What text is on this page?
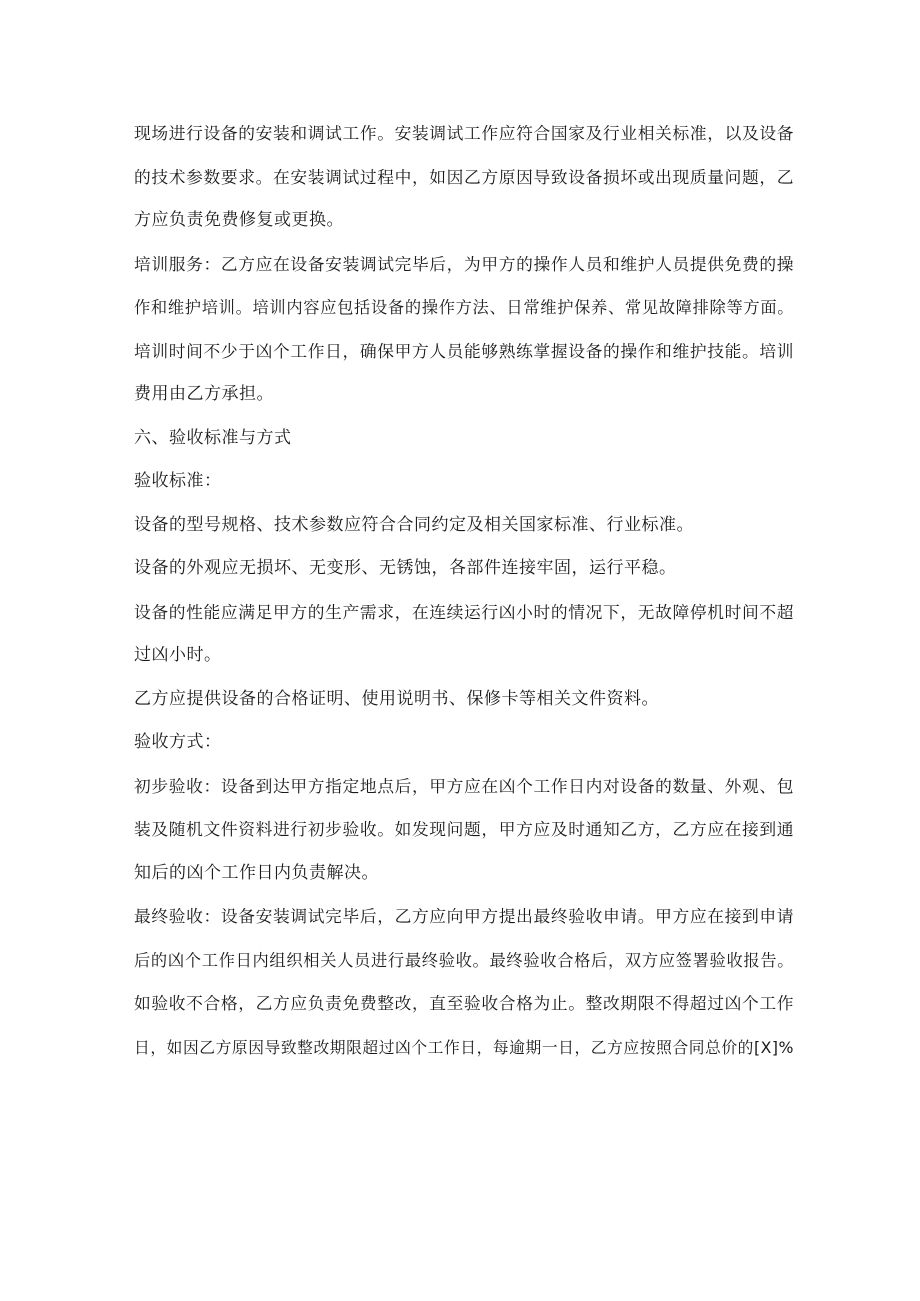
现场进行设备的安装和调试工作。安装调试工作应符合国家及行业相关标准，以及设备
的技术参数要求。在安装调试过程中，如因乙方原因导致设备损坏或出现质量问题，乙
方应负责免费修复或更换。
培训服务：乙方应在设备安装调试完毕后，为甲方的操作人员和维护人员提供免费的操
作和维护培训。培训内容应包括设备的操作方法、日常维护保养、常见故障排除等方面。
培训时间不少于凶个工作日，确保甲方人员能够熟练掌握设备的操作和维护技能。培训
费用由乙方承担。
六、验收标准与方式
验收标准：
设备的型号规格、技术参数应符合合同约定及相关国家标准、行业标准。
设备的外观应无损坏、无变形、无锈蚀，各部件连接牢固，运行平稳。
设备的性能应满足甲方的生产需求，在连续运行凶小时的情况下，无故障停机时间不超
过凶小时。
乙方应提供设备的合格证明、使用说明书、保修卡等相关文件资料。
验收方式：
初步验收：设备到达甲方指定地点后，甲方应在凶个工作日内对设备的数量、外观、包
装及随机文件资料进行初步验收。如发现问题，甲方应及时通知乙方，乙方应在接到通
知后的凶个工作日内负责解决。
最终验收：设备安装调试完毕后，乙方应向甲方提出最终验收申请。甲方应在接到申请
后的凶个工作日内组织相关人员进行最终验收。最终验收合格后，双方应签署验收报告。
如验收不合格，乙方应负责免费整改，直至验收合格为止。整改期限不得超过凶个工作
日，如因乙方原因导致整改期限超过凶个工作日，每逾期一日，乙方应按照合同总价的[X]%
